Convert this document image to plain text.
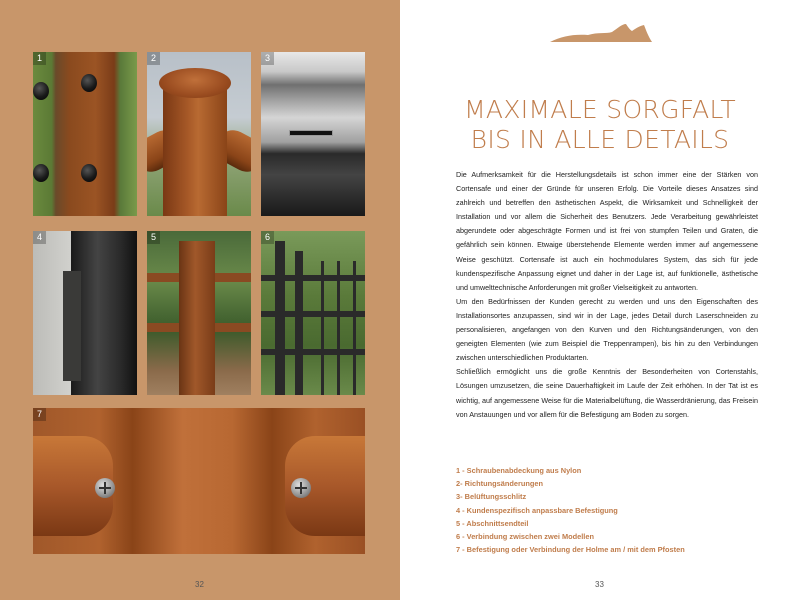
1	2	3
4	5	6
7
32
MAXIMALE SORGFALT
BIS IN ALLE DETAILS

Die Aufmerksamkeit für die Herstellungsdetails ist schon immer eine der Stärken von Cortensafe und einer der Gründe für unseren Erfolg. Die Vorteile dieses Ansatzes sind zahlreich und betreffen den ästhetischen Aspekt, die Wirksamkeit und Schnelligkeit der Installation und vor allem die Sicherheit des Benutzers. Jede Verarbeitung gewährleistet abgerundete oder abgeschrägte Formen und ist frei von stumpfen Teilen und Graten, die gefährlich sein können. Etwaige überstehende Elemente werden immer auf angemessene Weise geschützt. Cortensafe ist auch ein hochmodulares System, das sich für jede kundenspezifische Anpassung eignet und daher in der Lage ist, auf funktionelle, ästhetische und umwelttechnische Anforderungen mit großer Vielseitigkeit zu antworten.

Um den Bedürfnissen der Kunden gerecht zu werden und uns den Eigenschaften des Installationsortes anzupassen, sind wir in der Lage, jedes Detail durch Laserschneiden zu personalisieren, angefangen von den Kurven und den Richtungsänderungen, von den geneigten Elementen (wie zum Beispiel die Treppenrampen), bis hin zu den Verbindungen zwischen unterschiedlichen Produktarten.

Schließlich ermöglicht uns die große Kenntnis der Besonderheiten von Cortenstahls, Lösungen umzusetzen, die seine Dauerhaftigkeit im Laufe der Zeit erhöhen. In der Tat ist es wichtig, auf angemessene Weise für die Materialbelüftung, die Wasserdränierung, das Freisein von Anstauungen und vor allem für die Befestigung am Boden zu sorgen.

1 - Schraubenabdeckung aus Nylon
2- Richtungsänderungen
3- Belüftungsschlitz
4 - Kundenspezifisch anpassbare Befestigung
5 - Abschnittsendteil
6 - Verbindung zwischen zwei Modellen
7 - Befestigung oder Verbindung der Holme am / mit dem Pfosten
33
